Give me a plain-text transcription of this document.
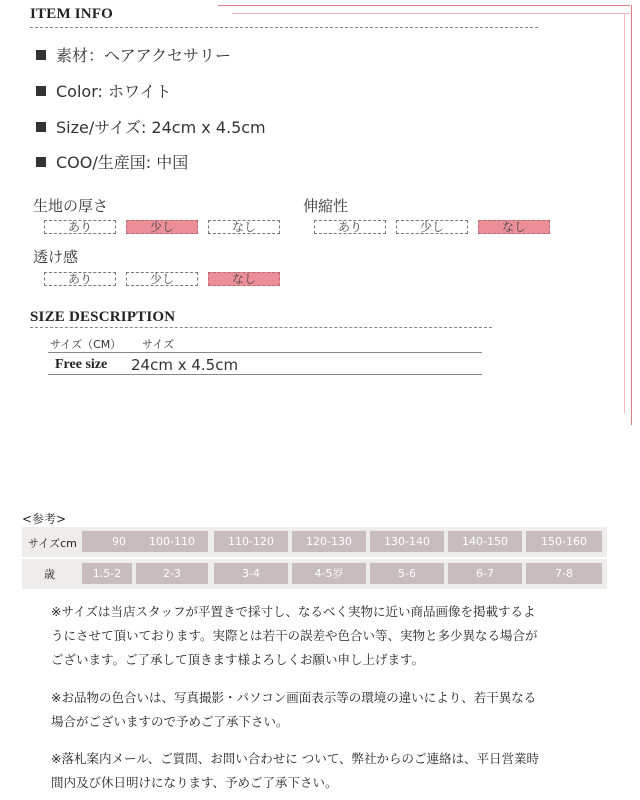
ITEM INFO
素材：ヘアアクセサリー
Color: ホワイト
Size/サイズ: 24cm x 4.5cm
COO/生産国: 中国
生地の厚さ
あり	少し	なし
伸縮性
あり	少し	なし
透け感
あり	少し	なし
SIZE DESCRIPTION
サイズ（CM） サイズ
Free size 24cm x 4.5cm
<参考>
サイズcm	90	100-110	110-120	120-130	130-140	140-150	150-160
歳	1.5-2	2-3	3-4	4-5岁	5-6	6-7	7-8
※サイズは当店スタッフが平置きで採寸し、なるべく実物に近い商品画像を掲載するよ
うにさせて頂いております。実際とは若干の誤差や色合い等、実物と多少異なる場合が
ございます。ご了承して頂きます様よろしくお願い申し上げます。
※お品物の色合いは、写真撮影・パソコン画面表示等の環境の違いにより、若干異なる
場合がございますので予めご了承下さい。
※落札案内メール、ご質問、お問い合わせに ついて、弊社からのご連絡は、平日営業時
間内及び休日明けになります、予めご了承下さい。
